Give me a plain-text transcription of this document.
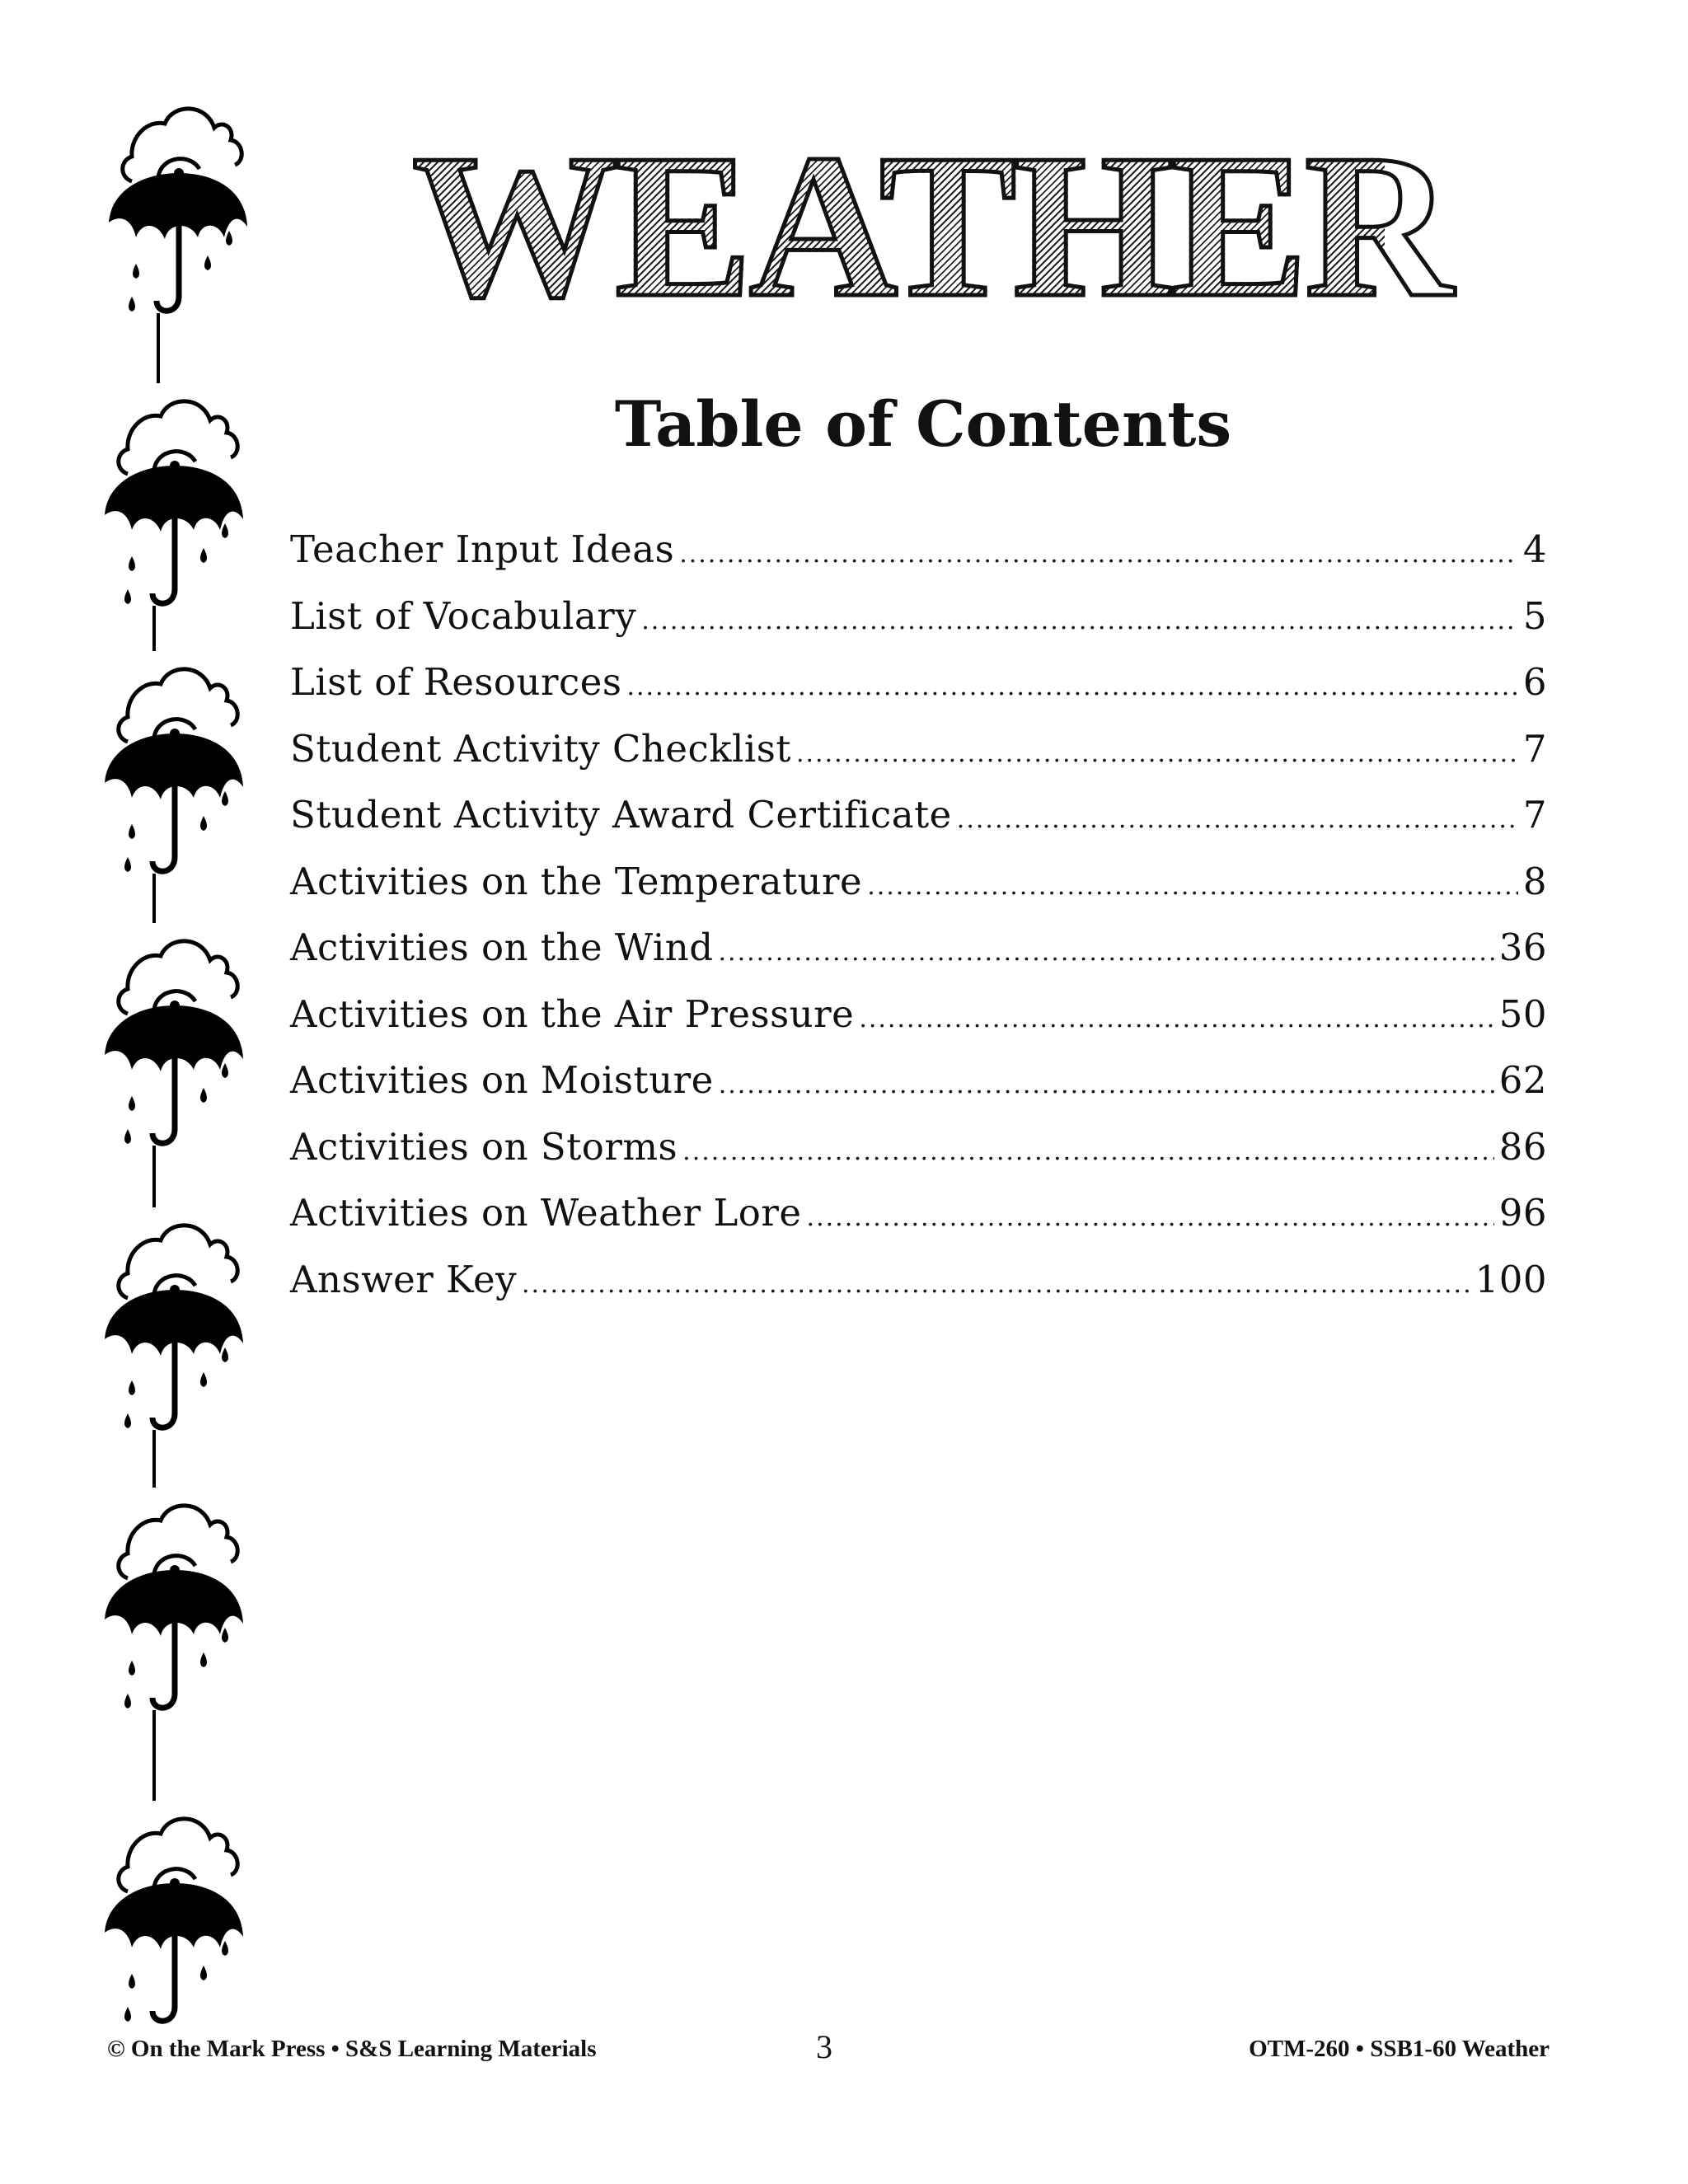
WEATHER
Table of Contents
Teacher Input Ideas .....	4
List of Vocabulary .....	5
List of Resources .....	6
Student Activity Checklist .....	7
Student Activity Award Certificate .....	7
Activities on the Temperature .....	8
Activities on the Wind .....	36
Activities on the Air Pressure .....	50
Activities on Moisture .....	62
Activities on Storms .....	86
Activities on Weather Lore .....	96
Answer Key .....	100
© On the Mark Press • S&S Learning Materials	3	OTM-260 • SSB1-60 Weather
